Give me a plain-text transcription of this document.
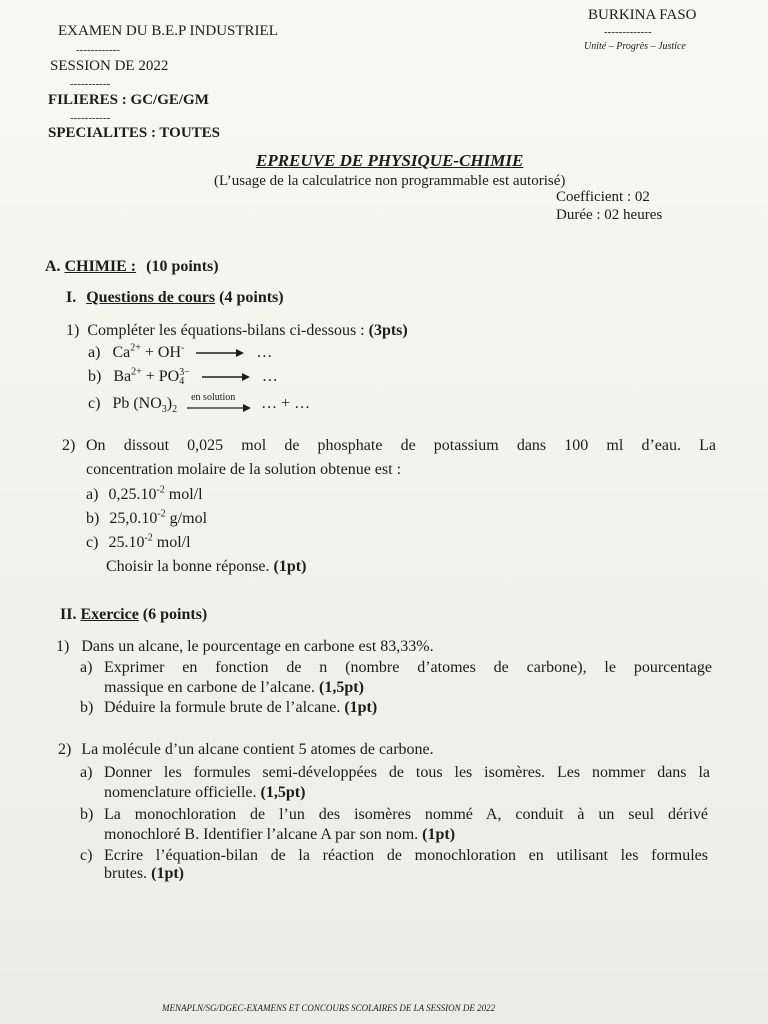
EXAMEN DU B.E.P INDUSTRIEL
------------
SESSION DE 2022
-----------
FILIERES : GC/GE/GM
-----------
SPECIALITES : TOUTES
BURKINA FASO
-------------
Unité – Progrès – Justice
EPREUVE DE PHYSIQUE-CHIMIE
(L’usage de la calculatrice non programmable est autorisé)
Coefficient : 02
Durée : 02 heures
A. CHIMIE : (10 points)
I. Questions de cours (4 points)
1) Compléter les équations-bilans ci-dessous : (3pts)
a) $Ca^{2+} + OH^-$ → …
b) $Ba^{2+}$ + PO 3−
4
	→ …
c) Pb $(NO_3)_2$
en solution … + …
2) On dissout 0,025 mol de phosphate de potassium dans 100 ml d’eau. La
concentration molaire de la solution obtenue est :
a) $0,25.10^{-2}$ mol/l
b) $25,0.10^{-2}$ g/mol
c) $25.10^{-2}$ mol/l
Choisir la bonne réponse. (1pt)
II. Exercice (6 points)
1) Dans un alcane, le pourcentage en carbone est 83,33%.
a) Exprimer en fonction de n (nombre d’atomes de carbone), le pourcentage
massique en carbone de l’alcane. (1,5pt)
b) Déduire la formule brute de l’alcane. (1pt)
2) La molécule d’un alcane contient 5 atomes de carbone.
a) Donner les formules semi-développées de tous les isomères. Les nommer dans la
nomenclature officielle. (1,5pt)
b) La monochloration de l’un des isomères nommé A, conduit à un seul dérivé
monochloré B. Identifier l’alcane A par son nom. (1pt)
c) Ecrire l’équation-bilan de la réaction de monochloration en utilisant les formules
brutes. (1pt)
MENAPLN/SG/DGEC-EXAMENS ET CONCOURS SCOLAIRES DE LA SESSION DE 2022
